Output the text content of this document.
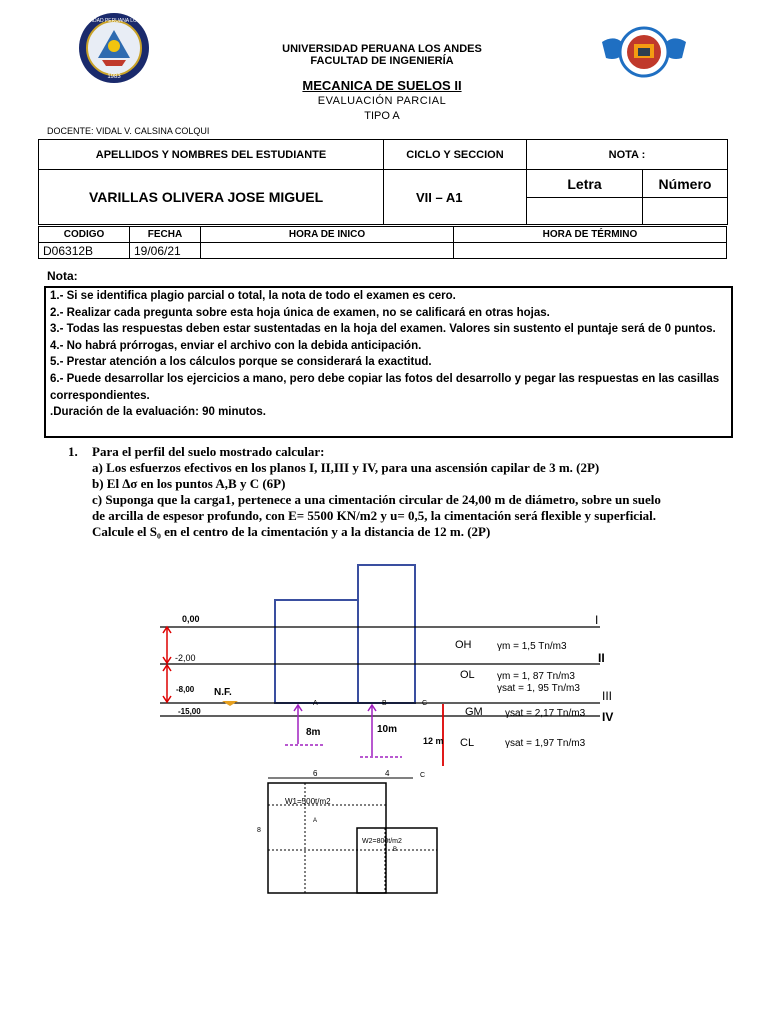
UNIVERSIDAD PERUANA LOS ANDES
1983
UNIVERSIDAD PERUANA LOS ANDES
FACULTAD DE INGENIERÍA
MECANICA DE SUELOS II
EVALUACIÓN PARCIAL
TIPO A
DOCENTE: VIDAL V. CALSINA COLQUI
APELLIDOS Y NOMBRES DEL ESTUDIANTE	CICLO Y SECCION	NOTA :	
VARILLAS OLIVERA JOSE MIGUEL	VII – A1	Letra	Número

CODIGO	FECHA	HORA DE INICO	HORA DE TÉRMINO
D06312B	19/06/21		
Nota:
1.- Si se identifica plagio parcial o total, la nota de todo el examen es cero.
2.- Realizar cada pregunta sobre esta hoja única de examen, no se calificará en otras hojas.
3.- Todas las respuestas deben estar sustentadas en la hoja del examen. Valores sin sustento el puntaje será de 0 puntos.
4.- No habrá prórrogas, enviar el archivo con la debida anticipación.
5.- Prestar atención a los cálculos porque se considerará la exactitud.
6.- Puede desarrollar los ejercicios a mano, pero debe copiar las fotos del desarrollo y pegar las respuestas en las casillas correspondientes.
.Duración de la evaluación: 90 minutos.
1. Para el perfil del suelo mostrado calcular:
a) Los esfuerzos efectivos en los planos I, II,III y IV, para una ascensión capilar de 3 m. (2P)
b) El ∆σ en los puntos A,B y C (6P)
c) Suponga que la carga1, pertenece a una cimentación circular de 24,00 m de diámetro, sobre un suelo
de arcilla de espesor profundo, con E= 5500 KN/m2 y u= 0,5, la cimentación será flexible y superficial.
Calcule el S₀ en el centro de la cimentación y a la distancia de 12 m. (2P)
0,00
-2,00
-8,00
-15,00
N.F.
I
II
III
IV
OH	γm = 1,5 Tn/m3
OL γm = 1, 87 Tn/m3
γsat = 1, 95 Tn/m3
GM γsat = 2,17 Tn/m3
CL	γsat = 1,97 Tn/m3
A	B	C
8m	10m
12 m
6	4	C
8
W1=500t/m2
W2=800t/m2
A
B
